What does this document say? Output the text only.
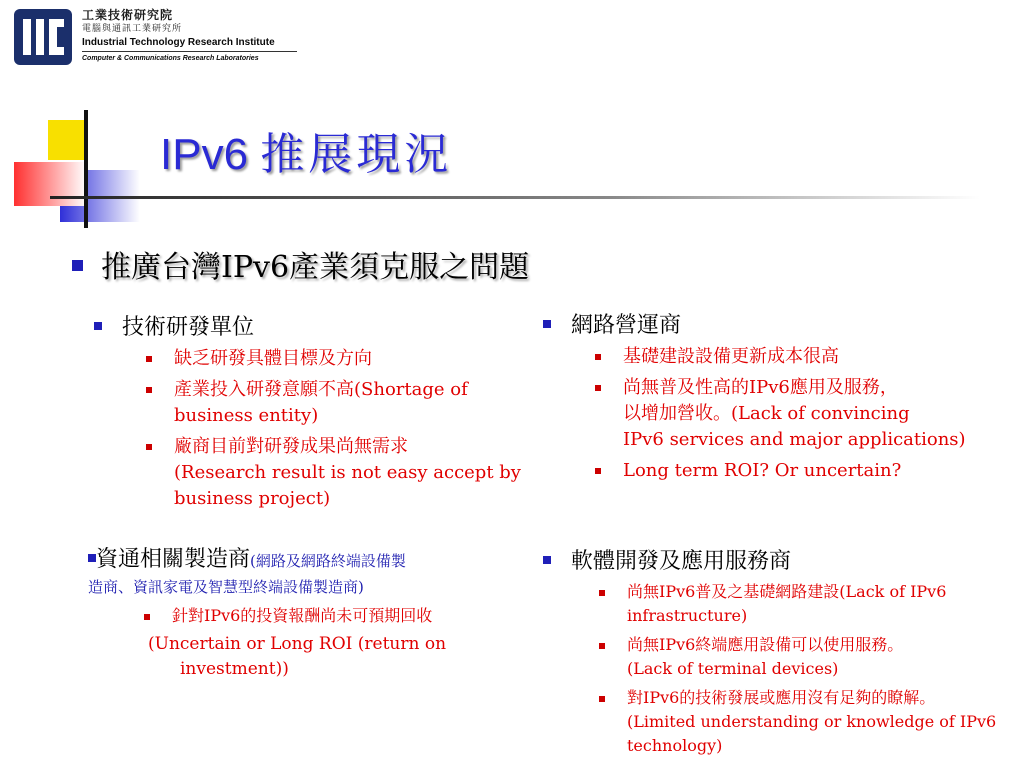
工業技術研究院
電腦與通訊工業研究所
Industrial Technology Research Institute
Computer & Communications Research Laboratories
IPv6 推展現況
推廣台灣IPv6產業須克服之問題
技術研發單位
缺乏研發具體目標及方向
產業投入研發意願不高(Shortage of
business entity)
廠商目前對研發成果尚無需求
(Research result is not easy accept by
business project)
網路營運商
基礎建設設備更新成本很高
尚無普及性高的IPv6應用及服務，
以增加營收。(Lack of convincing
IPv6 services and major applications)
Long term ROI? Or uncertain?
資通相關製造商(網路及網路終端設備製
造商、資訊家電及智慧型終端設備製造商)
針對IPv6的投資報酬尚未可預期回收
(Uncertain or Long ROI (return on
investment))
軟體開發及應用服務商
尚無IPv6普及之基礎網路建設(Lack of IPv6
infrastructure)
尚無IPv6終端應用設備可以使用服務。
(Lack of terminal devices)
對IPv6的技術發展或應用沒有足夠的瞭解。
(Limited understanding or knowledge of IPv6
technology)
